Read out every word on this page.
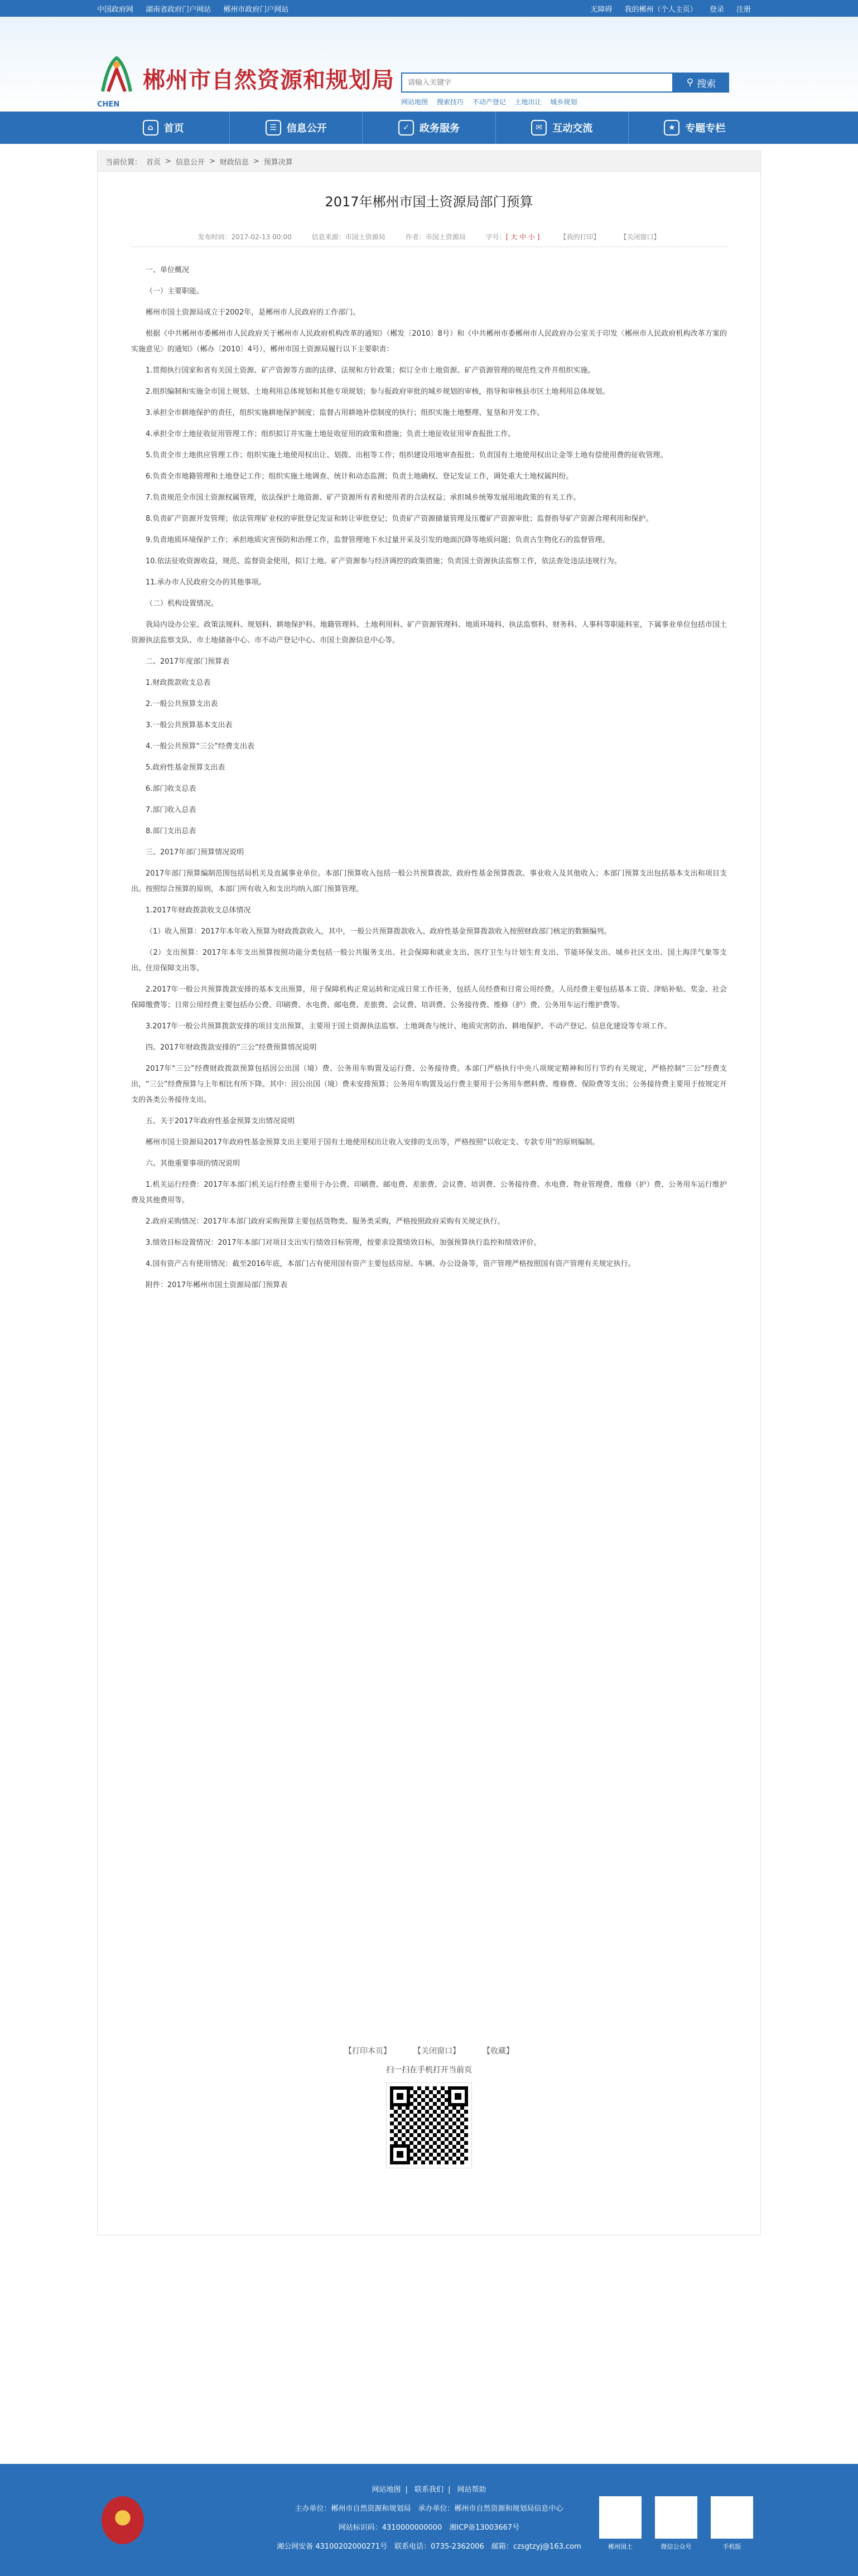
中国政府网 湖南省政府门户网站 郴州市政府门户网站	无障碍 我的郴州（个人主页） 登录 注册
郴州市自然资源和规划局
CHEN
请输入关键字
⚲ 搜索
网站地图 搜索技巧 不动产登记 土地出让 城乡规划
⌂	首页	☰ 信息公开	✓	政务服务	✉	互动交流	★ 专题专栏
当前位置： 首页 > 信息公开 > 财政信息 > 预算决算
2017年郴州市国土资源局部门预算
发布时间：2017-02-13 00:00	信息来源：市国土资源局	作者：市国土资源局	字号：[ 大 中 小 ]	【我的打印】	【关闭窗口】

一、单位概况

（一）主要职能。

郴州市国土资源局成立于2002年，是郴州市人民政府的工作部门。

根据《中共郴州市委郴州市人民政府关于郴州市人民政府机构改革的通知》（郴发〔2010〕8号）和《中共郴州市委郴州市人民政府办公室关于印发〈郴州市人民政府机构改革方案的实施意见〉的通知》（郴办〔2010〕4号），郴州市国土资源局履行以下主要职责：

1.贯彻执行国家和省有关国土资源、矿产资源等方面的法律、法规和方针政策；拟订全市土地资源、矿产资源管理的规范性文件并组织实施。

2.组织编制和实施全市国土规划、土地利用总体规划和其他专项规划；参与报政府审批的城乡规划的审核，指导和审核县市区土地利用总体规划。

3.承担全市耕地保护的责任，组织实施耕地保护制度；监督占用耕地补偿制度的执行；组织实施土地整理、复垦和开发工作。

4.承担全市土地征收征用管理工作；组织拟订并实施土地征收征用的政策和措施；负责土地征收征用审查报批工作。

5.负责全市土地供应管理工作；组织实施土地使用权出让、划拨、出租等工作；组织建设用地审查报批；负责国有土地使用权出让金等土地有偿使用费的征收管理。

6.负责全市地籍管理和土地登记工作；组织实施土地调查、统计和动态监测；负责土地确权、登记发证工作，调处重大土地权属纠纷。

7.负责规范全市国土资源权属管理，依法保护土地资源、矿产资源所有者和使用者的合法权益；承担城乡统筹发展用地政策的有关工作。

8.负责矿产资源开发管理；依法管理矿业权的审批登记发证和转让审批登记；负责矿产资源储量管理及压覆矿产资源审批；监督指导矿产资源合理利用和保护。

9.负责地质环境保护工作；承担地质灾害预防和治理工作，监督管理地下水过量开采及引发的地面沉降等地质问题；负责古生物化石的监督管理。

10.依法征收资源收益，规范、监督资金使用，拟订土地、矿产资源参与经济调控的政策措施；负责国土资源执法监察工作，依法查处违法违规行为。

11.承办市人民政府交办的其他事项。

（二）机构设置情况。

我局内设办公室、政策法规科、规划科、耕地保护科、地籍管理科、土地利用科、矿产资源管理科、地质环境科、执法监察科、财务科、人事科等职能科室，下属事业单位包括市国土资源执法监察支队、市土地储备中心、市不动产登记中心、市国土资源信息中心等。

二、2017年度部门预算表

1.财政拨款收支总表

2.一般公共预算支出表

3.一般公共预算基本支出表

4.一般公共预算“三公”经费支出表

5.政府性基金预算支出表

6.部门收支总表

7.部门收入总表

8.部门支出总表

三、2017年部门预算情况说明

2017年部门预算编制范围包括局机关及直属事业单位。本部门预算收入包括一般公共预算拨款、政府性基金预算拨款、事业收入及其他收入；本部门预算支出包括基本支出和项目支出。按照综合预算的原则，本部门所有收入和支出均纳入部门预算管理。

1.2017年财政拨款收支总体情况

（1）收入预算：2017年本年收入预算为财政拨款收入，其中，一般公共预算拨款收入、政府性基金预算拨款收入按照财政部门核定的数额编列。

（2）支出预算：2017年本年支出预算按照功能分类包括一般公共服务支出、社会保障和就业支出、医疗卫生与计划生育支出、节能环保支出、城乡社区支出、国土海洋气象等支出、住房保障支出等。

2.2017年一般公共预算拨款安排的基本支出预算，用于保障机构正常运转和完成日常工作任务，包括人员经费和日常公用经费。人员经费主要包括基本工资、津贴补贴、奖金、社会保障缴费等；日常公用经费主要包括办公费、印刷费、水电费、邮电费、差旅费、会议费、培训费、公务接待费、维修（护）费、公务用车运行维护费等。

3.2017年一般公共预算拨款安排的项目支出预算，主要用于国土资源执法监察、土地调查与统计、地质灾害防治、耕地保护、不动产登记、信息化建设等专项工作。

四、2017年财政拨款安排的“三公”经费预算情况说明

2017年“三公”经费财政拨款预算包括因公出国（境）费、公务用车购置及运行费、公务接待费。本部门严格执行中央八项规定精神和厉行节约有关规定，严格控制“三公”经费支出，“三公”经费预算与上年相比有所下降。其中：因公出国（境）费未安排预算；公务用车购置及运行费主要用于公务用车燃料费、维修费、保险费等支出；公务接待费主要用于按规定开支的各类公务接待支出。

五、关于2017年政府性基金预算支出情况说明

郴州市国土资源局2017年政府性基金预算支出主要用于国有土地使用权出让收入安排的支出等，严格按照“以收定支、专款专用”的原则编制。

六、其他重要事项的情况说明

1.机关运行经费：2017年本部门机关运行经费主要用于办公费、印刷费、邮电费、差旅费、会议费、培训费、公务接待费、水电费、物业管理费、维修（护）费、公务用车运行维护费及其他费用等。

2.政府采购情况：2017年本部门政府采购预算主要包括货物类、服务类采购，严格按照政府采购有关规定执行。

3.绩效目标设置情况：2017年本部门对项目支出实行绩效目标管理，按要求设置绩效目标，加强预算执行监控和绩效评价。

4.国有资产占有使用情况：截至2016年底，本部门占有使用国有资产主要包括房屋、车辆、办公设备等，资产管理严格按照国有资产管理有关规定执行。

附件：2017年郴州市国土资源局部门预算表

【打印本页】	【关闭窗口】	【收藏】
扫一扫在手机打开当前页
网站地图 | 联系我们 | 网站帮助
主办单位：郴州市自然资源和规划局　承办单位：郴州市自然资源和规划局信息中心
网站标识码：4310000000000　湘ICP备13003667号
湘公网安备 43100202000271号　联系电话：0735-2362006　邮箱：czsgtzyj@163.com	郴州国土	微信公众号	手机版
